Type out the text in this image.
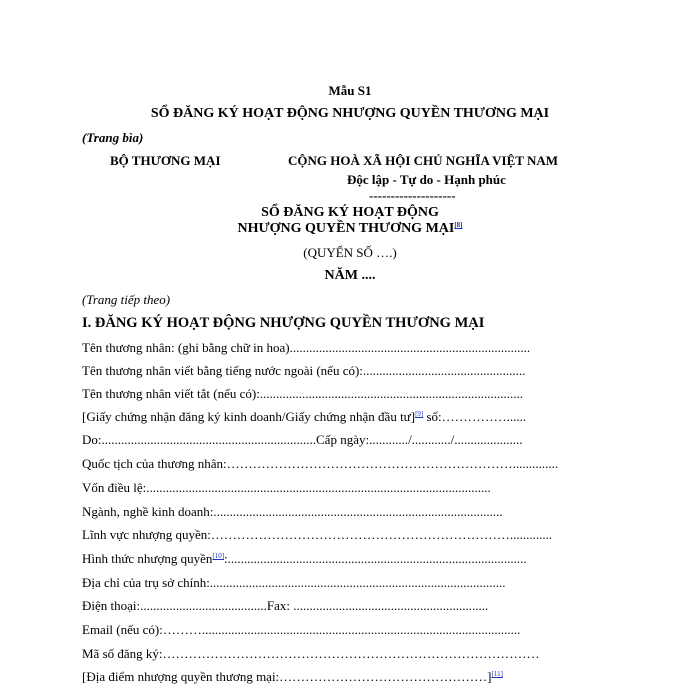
Mẫu S1
SỔ ĐĂNG KÝ HOẠT ĐỘNG NHƯỢNG QUYỀN THƯƠNG MẠI
(Trang bìa)
BỘ THƯƠNG MẠI	CỘNG HOÀ XÃ HỘI CHỦ NGHĨA VIỆT NAM
Độc lập - Tự do - Hạnh phúc
--------------------
SỔ ĐĂNG KÝ HOẠT ĐỘNG
NHƯỢNG QUYỀN THƯƠNG MẠI[8]
(QUYỂN SỐ ….)
NĂM ....
(Trang tiếp theo)
I. ĐĂNG KÝ HOẠT ĐỘNG NHƯỢNG QUYỀN THƯƠNG MẠI
Tên thương nhân: (ghi bằng chữ in hoa)..........................................................................
Tên thương nhân viết bằng tiếng nước ngoài (nếu có):..................................................
Tên thương nhân viết tắt (nếu có):.................................................................................
[Giấy chứng nhận đăng ký kinh doanh/Giấy chứng nhận đầu tư][9] số:……………......
Do:..................................................................Cấp ngày:............/............/.....................
Quốc tịch của thương nhân:…………………………………………………………..............
Vốn điều lệ:..........................................................................................................
Ngành, nghề kinh doanh:.........................................................................................
Lĩnh vực nhượng quyền:…………………………………………………………….............
Hình thức nhượng quyền[10]:............................................................................................
Địa chỉ của trụ sở chính:...........................................................................................
Điện thoại:.......................................Fax: ............................................................
Email (nếu có):………..................................................................................................
Mã số đăng ký:……………………………………………………………………………
[Địa điểm nhượng quyền thương mại:…………………………………………][11]
